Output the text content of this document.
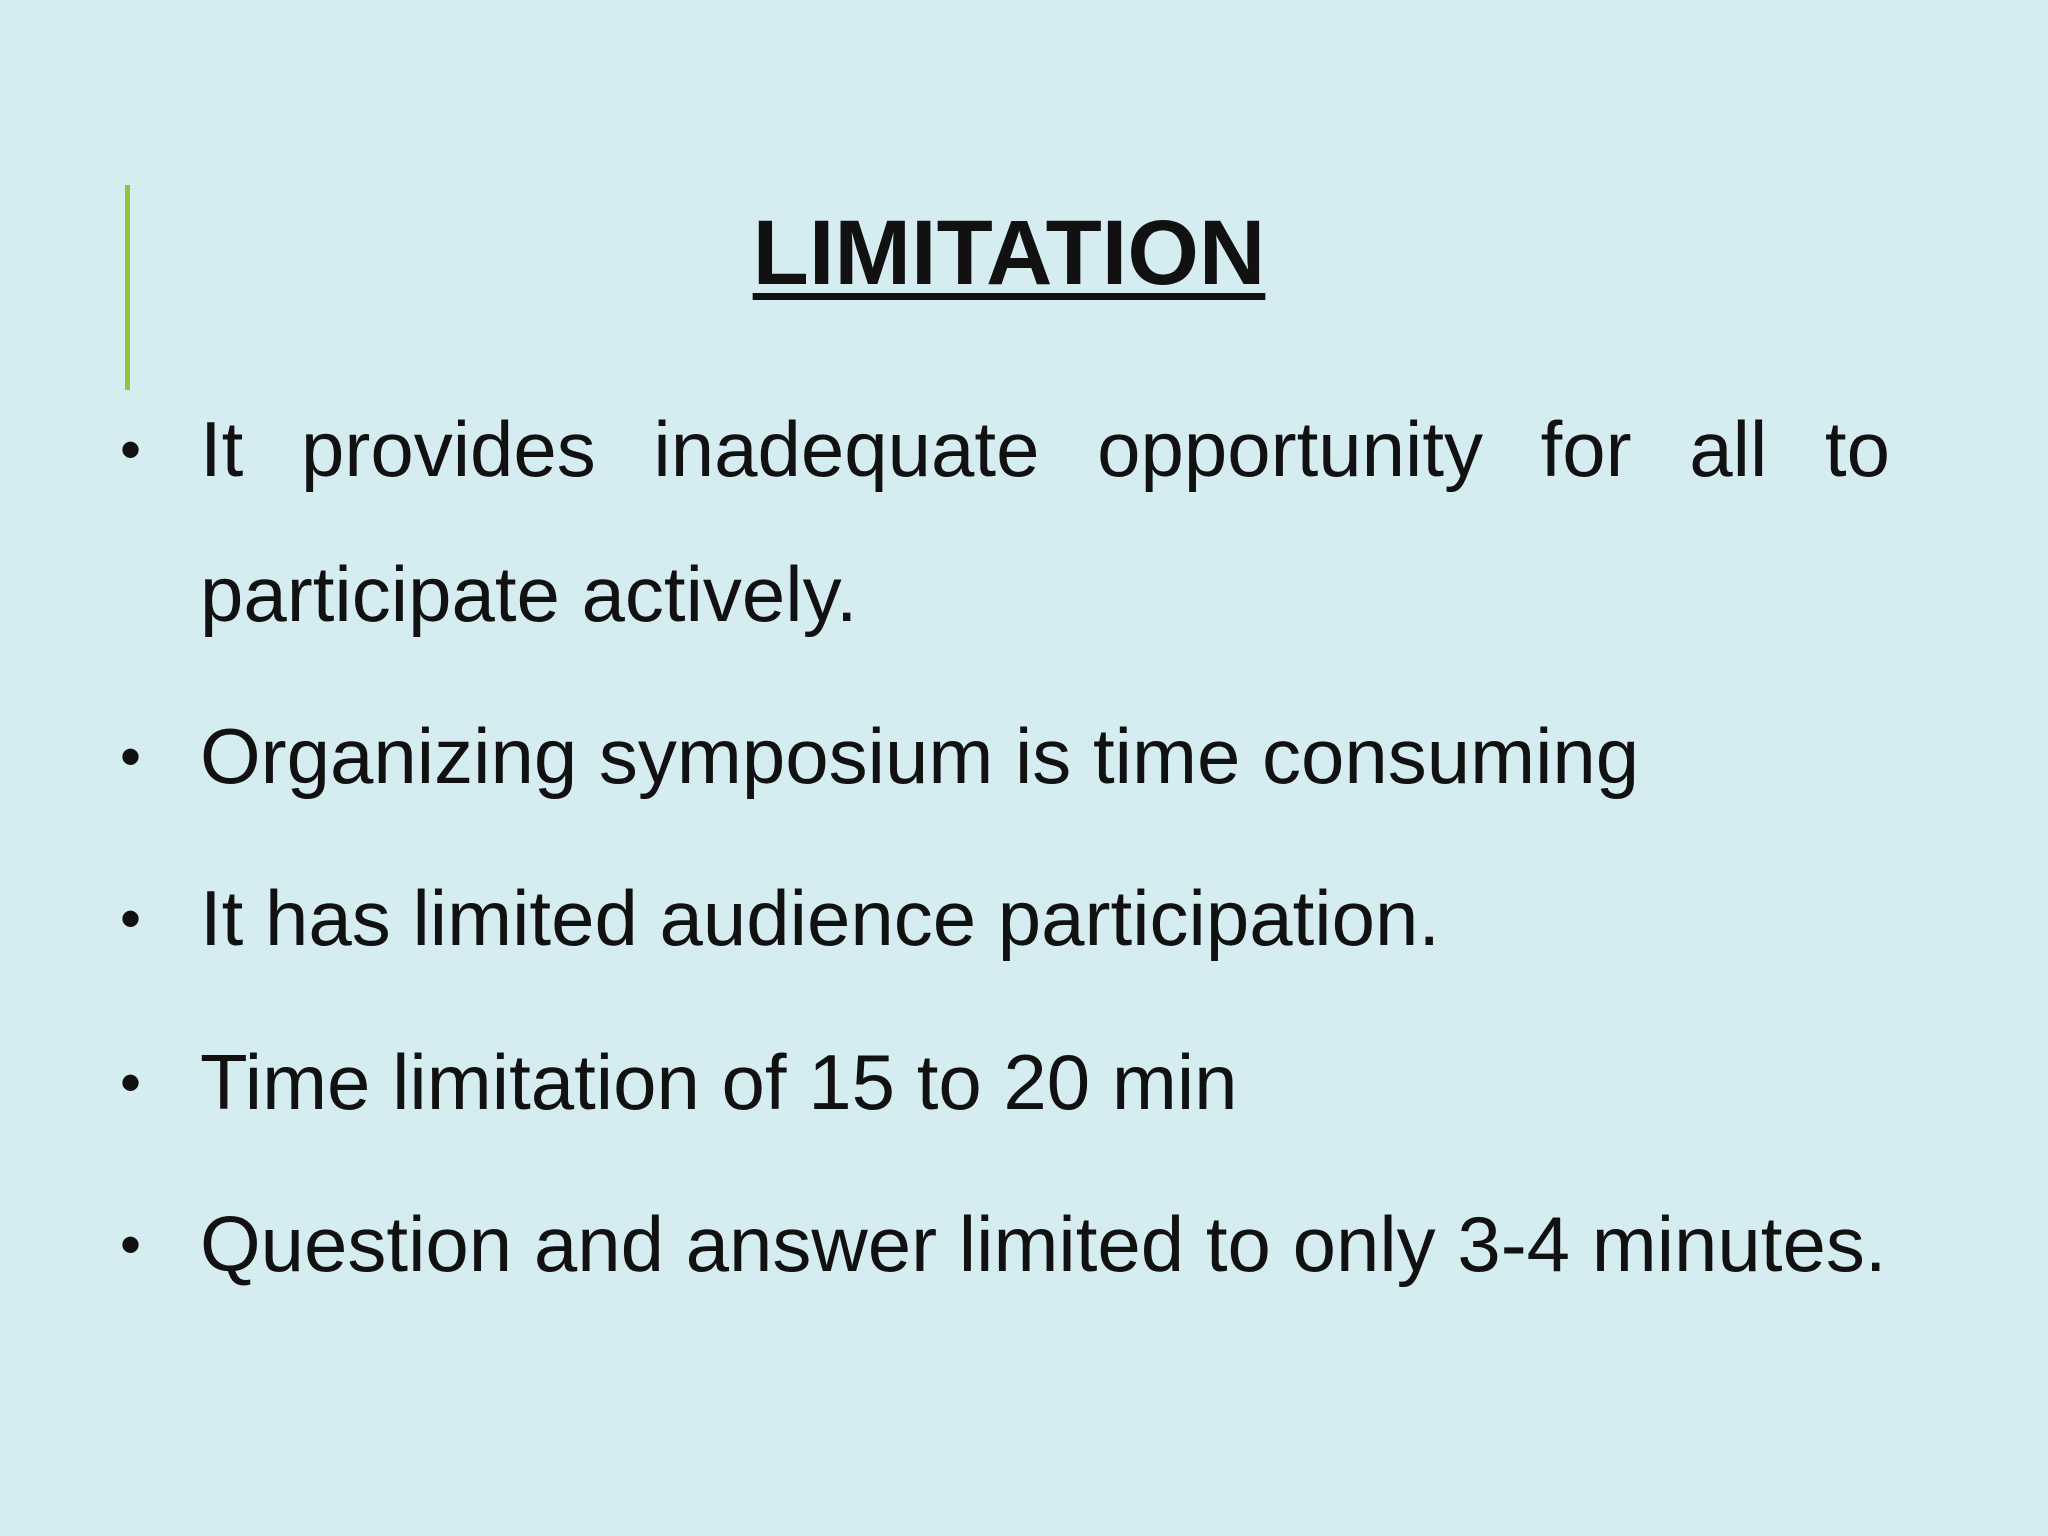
LIMITATION
• It provides inadequate opportunity for all to participate actively.
• Organizing symposium is time consuming
• It has limited audience participation.
• Time limitation of 15 to 20 min
• Question and answer limited to only 3-4 minutes.
